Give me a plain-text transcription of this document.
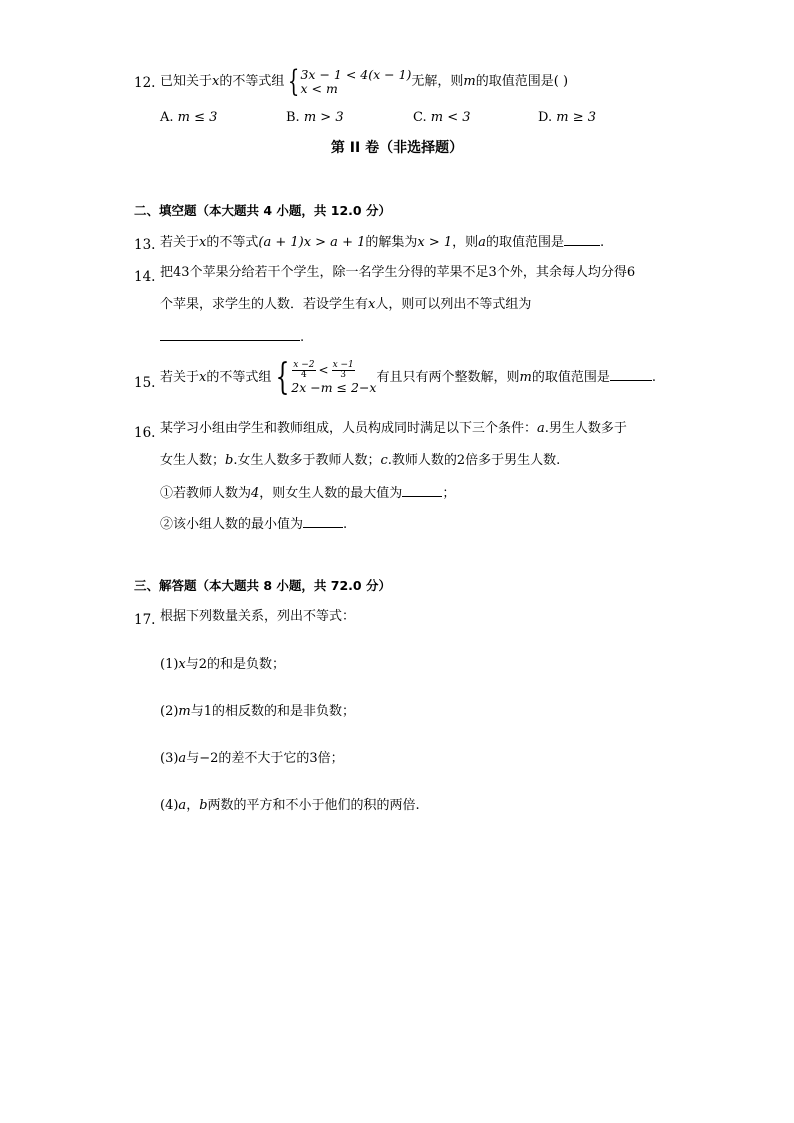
12. 已知关于x的不等式组 { 3x − 1 < 4(x − 1)
x < m	无解，则m的取值范围是( )
A. m ≤ 3	B. m > 3	C. m < 3	D. m ≥ 3
第 II 卷（非选择题）
二、填空题（本大题共 4 小题，共 12.0 分）
13. 若关于x的不等式(a + 1)x > a + 1的解集为x > 1，则a的取值范围是	.
14. 把43个苹果分给若干个学生，除一名学生分得的苹果不足3个外，其余每人均分得6
个苹果，求学生的人数．若设学生有x人，则可以列出不等式组为
.
15. 若关于x的不等式组 { $\frac{x -2}{4} < \frac{x -1}{3}$
2x −m ≤ 2−x
有且只有两个整数解，则m的取值范围是	.
16. 某学习小组由学生和教师组成，人员构成同时满足以下三个条件：a.男生人数多于
女生人数；b.女生人数多于教师人数；c.教师人数的2倍多于男生人数.
①若教师人数为4，则女生人数的最大值为	；
②该小组人数的最小值为	.
三、解答题（本大题共 8 小题，共 72.0 分）
17. 根据下列数量关系，列出不等式：
(1)x与2的和是负数；
(2)m与1的相反数的和是非负数；
(3)a与−2的差不大于它的3倍；
(4)a，b两数的平方和不小于他们的积的两倍.
